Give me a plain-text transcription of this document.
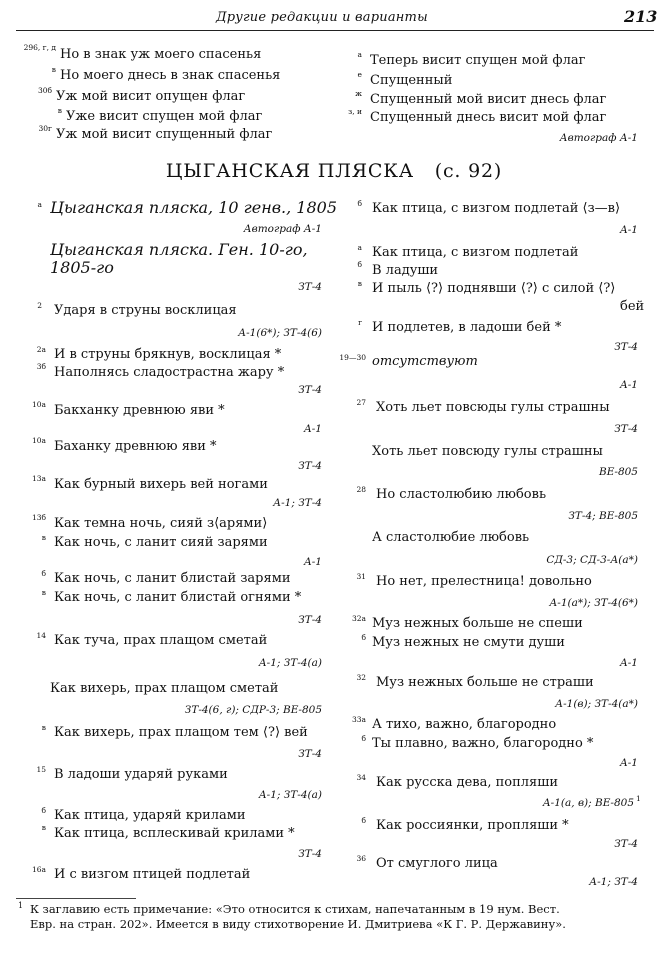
Другие редакции и варианты	213
296, г, д Но в знак уж моего спасенья
в Но моего днесь в знак спасенья
30б Уж мой висит опущен флаг
в Уже висит спущен мой флаг
30г Уж мой висит спущенный флаг
а Теперь висит спущен мой флаг
е Спущенный
ж Спущенный мой висит днесь флаг
з, и Спущенный днесь висит мой флаг
Автограф А-1
ЦЫГАНСКАЯ ПЛЯСКА (с. 92)
а Цыганская пляска, 10 генв., 1805
Автограф А-1
Цыганская пляска. Ген. 10-го,
1805-го
ЗТ-4
2 Ударя в струны восклицая
А-1(6*); ЗТ-4(6)
2а И в струны брякнув, восклицая *
3б Наполнясь сладострастна жару *
ЗТ-4
10а Бакханку древнюю яви *
А-1
10а Баханку древнюю яви *
ЗТ-4
13а Как бурный вихерь вей ногами
А-1; ЗТ-4
13б Как темна ночь, сияй з⟨арями⟩
в Как ночь, с ланит сияй зарями
А-1
б Как ночь, с ланит блистай зарями
в Как ночь, с ланит блистай огнями *
ЗТ-4
14 Как туча, прах плащом сметай
А-1; ЗТ-4(а)
Как вихерь, прах плащом сметай
ЗТ-4(6, г); СДР-3; ВЕ-805
в Как вихерь, прах плащом тем ⟨?⟩ вей
ЗТ-4
15 В ладоши ударяй руками
А-1; ЗТ-4(а)
б Как птица, ударяй крилами
в Как птица, всплескивай крилами *
ЗТ-4
16а И с визгом птицей подлетай
б Как птица, с визгом подлетай ⟨з—в⟩
А-1
а Как птица, с визгом подлетай
б В ладуши
в И пыль ⟨?⟩ поднявши ⟨?⟩ с силой ⟨?⟩
бей
г И подлетев, в ладоши бей *
ЗТ-4
19—30 отсутствуют
А-1
27 Хоть льет повсюды гулы страшны
ЗТ-4
Хоть льет повсюду гулы страшны
ВЕ-805
28 Но сластолюбию любовь
ЗТ-4; ВЕ-805
А сластолюбие любовь
СД-3; СД-3-А(а*)
31 Но нет, прелестница! довольно
А-1(а*); ЗТ-4(6*)
32а Муз нежных больше не спеши
б Муз нежных не смути души
А-1
32 Муз нежных больше не страши
А-1(в); ЗТ-4(а*)
33а А тихо, важно, благородно
б Ты плавно, важно, благородно *
А-1
34 Как русска дева, попляши
А-1(а, в); ВЕ-805 1
б Как россиянки, пропляши *
ЗТ-4
36 От смуглого лица
А-1; ЗТ-4
1 К заглавию есть примечание: «Это относится к стихам, напечатанным в 19 нум. Вест.
Евр. на стран. 202». Имеется в виду стихотворение И. Дмитриева «К Г. Р. Державину».
